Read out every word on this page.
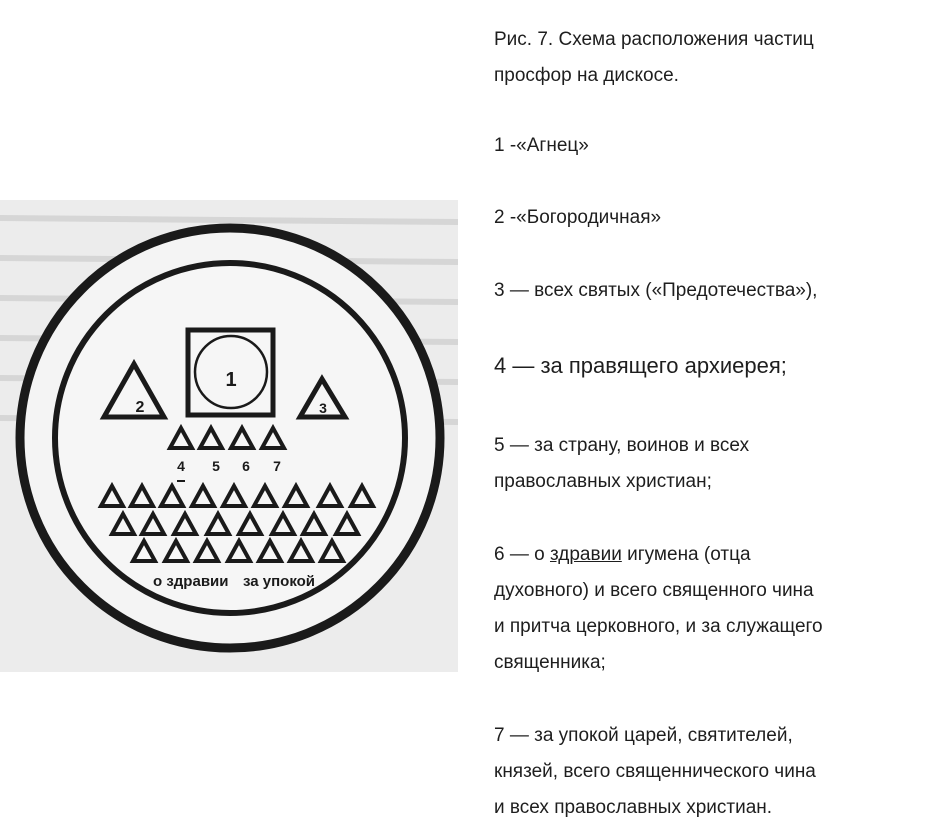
1
2	3
4 5 6 7
о здравии за упокой
Рис. 7. Схема расположения частиц
просфор на дискосе.
1 -«Агнец»
2 -«Богородичная»
3 — всех святых («Предотечества»),
4 — за правящего архиерея;
5 — за страну, воинов и всех
православных христиан;
6 — о здравии игумена (отца
духовного) и всего священного чина
и притча церковного, и за служащего
священника;
7 — за упокой царей, святителей,
князей, всего священнического чина
и всех православных христиан.
